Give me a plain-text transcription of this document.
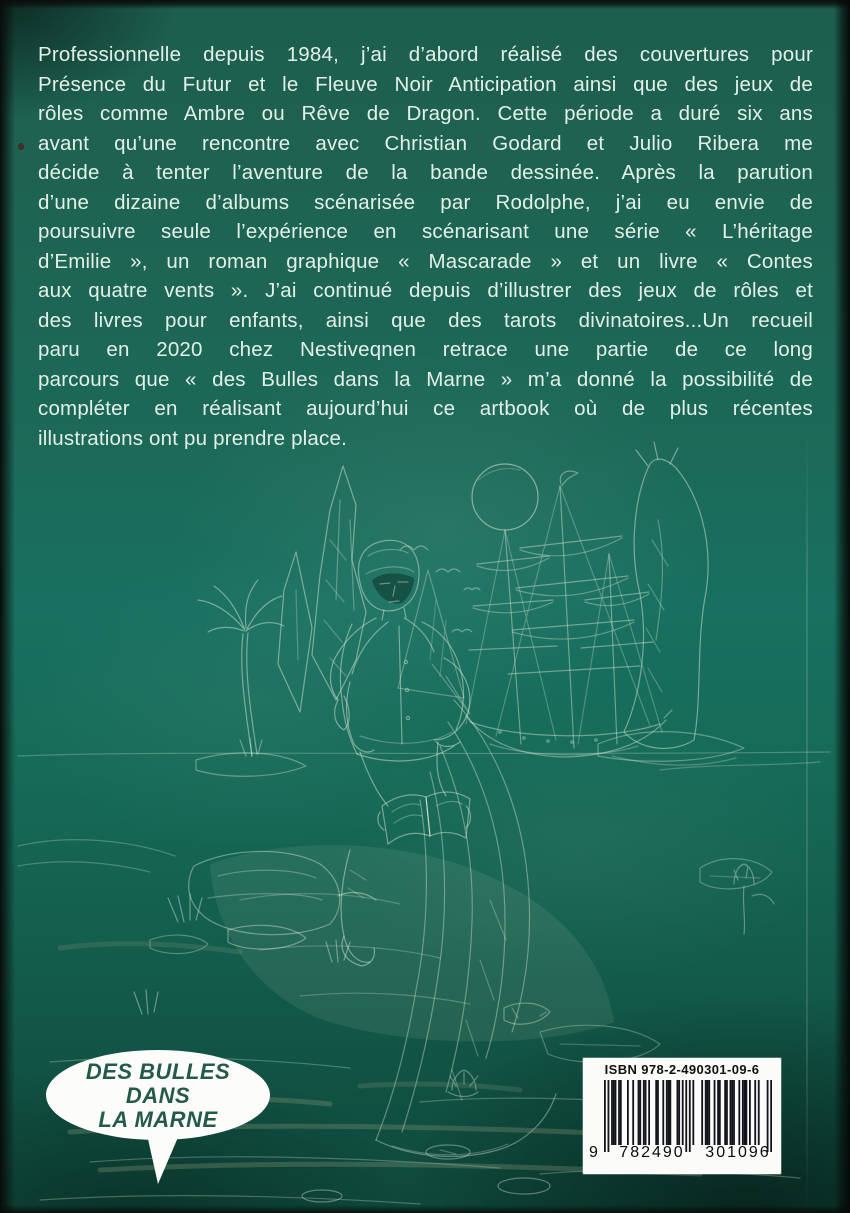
Professionnelle depuis 1984, j’ai d’abord réalisé des couvertures pour
Présence du Futur et le Fleuve Noir Anticipation ainsi que des jeux de
rôles comme Ambre ou Rêve de Dragon. Cette période a duré six ans
avant qu’une rencontre avec Christian Godard et Julio Ribera me
décide à tenter l’aventure de la bande dessinée. Après la parution
d’une dizaine d’albums scénarisée par Rodolphe, j’ai eu envie de
poursuivre seule l’expérience en scénarisant une série « L’héritage
d’Emilie », un roman graphique « Mascarade » et un livre « Contes
aux quatre vents ». J’ai continué depuis d’illustrer des jeux de rôles et
des livres pour enfants, ainsi que des tarots divinatoires...Un recueil
paru en 2020 chez Nestiveqnen retrace une partie de ce long
parcours que « des Bulles dans la Marne » m’a donné la possibilité de
compléter en réalisant aujourd’hui ce artbook où de plus récentes
illustrations ont pu prendre place.
DES BULLES
DANS
LA MARNE
ISBN 978-2-490301-09-6
9 782490 301096
